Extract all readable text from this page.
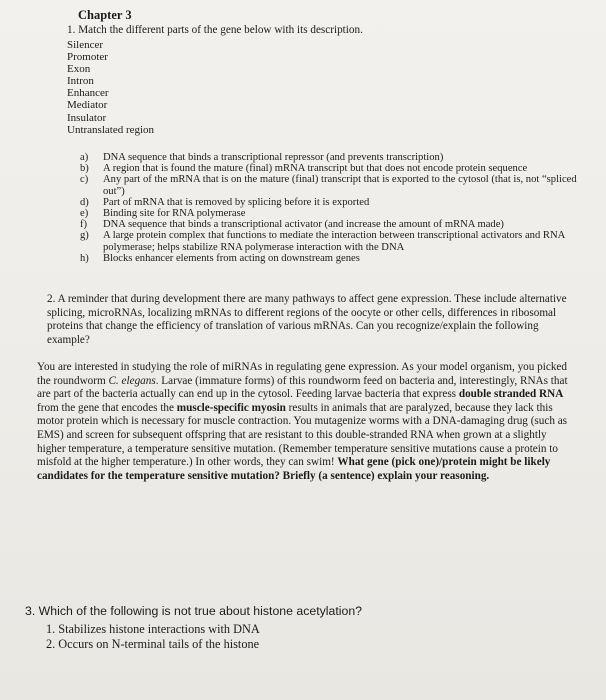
Chapter 3
1. Match the different parts of the gene below with its description.
Silencer
Promoter
Exon
Intron
Enhancer
Mediator
Insulator
Untranslated region
a) DNA sequence that binds a transcriptional repressor (and prevents transcription)
b) A region that is found the mature (final) mRNA transcript but that does not encode protein sequence
c) Any part of the mRNA that is on the mature (final) transcript that is exported to the cytosol (that is, not “spliced out”)
d) Part of mRNA that is removed by splicing before it is exported
e) Binding site for RNA polymerase
f) DNA sequence that binds a transcriptional activator (and increase the amount of mRNA made)
g) A large protein complex that functions to mediate the interaction between transcriptional activators and RNA polymerase; helps stabilize RNA polymerase interaction with the DNA
h) Blocks enhancer elements from acting on downstream genes

2. A reminder that during development there are many pathways to affect gene expression. These include alternative splicing, microRNAs, localizing mRNAs to different regions of the oocyte or other cells, differences in ribosomal proteins that change the efficiency of translation of various mRNAs. Can you recognize/explain the following example?

You are interested in studying the role of miRNAs in regulating gene expression. As your model organism, you picked the roundworm C. elegans. Larvae (immature forms) of this roundworm feed on bacteria and, interestingly, RNAs that are part of the bacteria actually can end up in the cytosol. Feeding larvae bacteria that express double stranded RNA from the gene that encodes the muscle-specific myosin results in animals that are paralyzed, because they lack this motor protein which is necessary for muscle contraction. You mutagenize worms with a DNA-damaging drug (such as EMS) and screen for subsequent offspring that are resistant to this double-stranded RNA when grown at a slightly higher temperature, a temperature sensitive mutation. (Remember temperature sensitive mutations cause a protein to misfold at the higher temperature.) In other words, they can swim! What gene (pick one)/protein might be likely candidates for the temperature sensitive mutation? Briefly (a sentence) explain your reasoning.

3. Which of the following is not true about histone acetylation?
1. Stabilizes histone interactions with DNA
2. Occurs on N-terminal tails of the histone
